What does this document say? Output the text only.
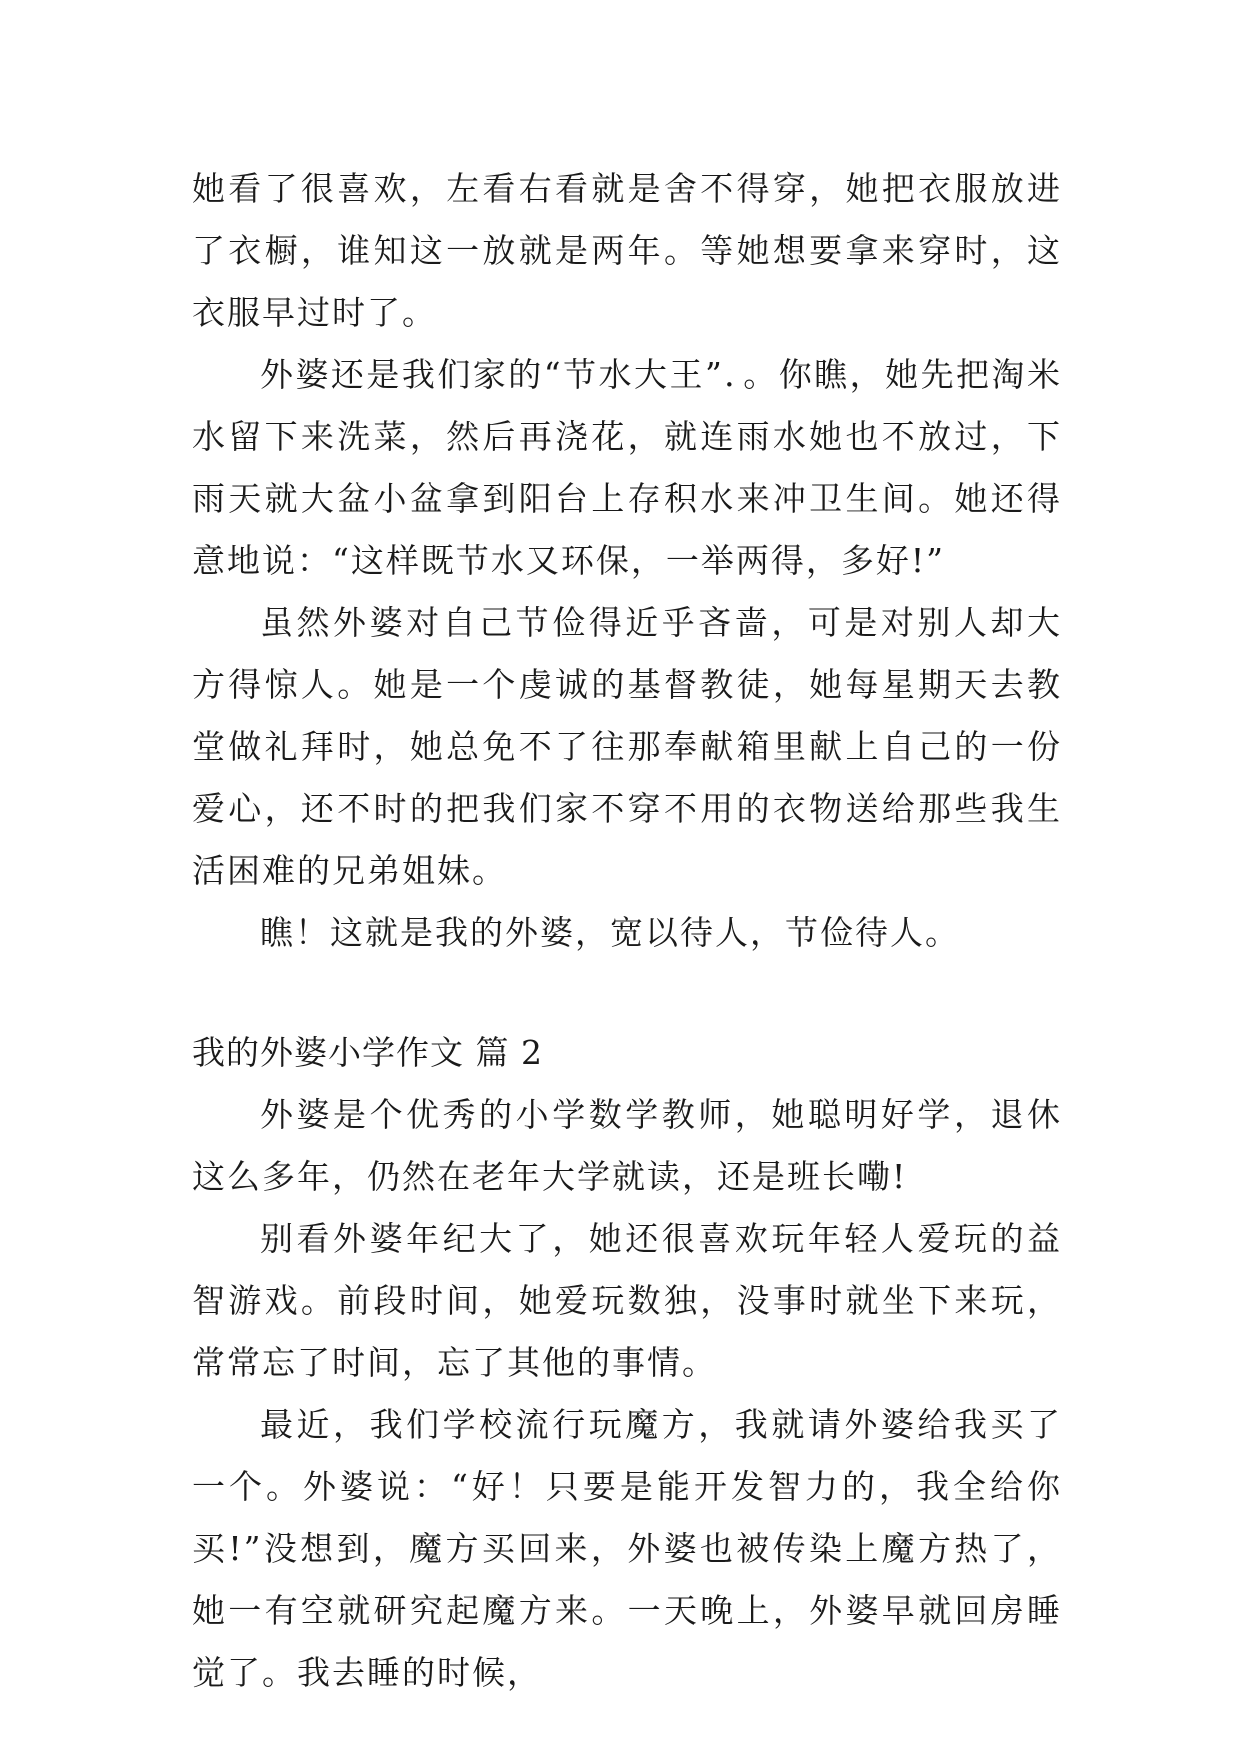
她看了很喜欢，左看右看就是舍不得穿，她把衣服放进了衣橱，谁知这一放就是两年。等她想要拿来穿时，这衣服早过时了。

外婆还是我们家的“节水大王”．。你瞧，她先把淘米水留下来洗菜，然后再浇花，就连雨水她也不放过，下雨天就大盆小盆拿到阳台上存积水来冲卫生间。她还得意地说：“这样既节水又环保，一举两得，多好!”

虽然外婆对自己节俭得近乎吝啬，可是对别人却大方得惊人。她是一个虔诚的基督教徒，她每星期天去教堂做礼拜时，她总免不了往那奉献箱里献上自己的一份爱心，还不时的把我们家不穿不用的衣物送给那些我生活困难的兄弟姐妹。

瞧！这就是我的外婆，宽以待人，节俭待人。

我的外婆小学作文 篇 2

外婆是个优秀的小学数学教师，她聪明好学，退休这么多年，仍然在老年大学就读，还是班长嘞!

别看外婆年纪大了，她还很喜欢玩年轻人爱玩的益智游戏。前段时间，她爱玩数独，没事时就坐下来玩，常常忘了时间，忘了其他的事情。

最近，我们学校流行玩魔方，我就请外婆给我买了一个。外婆说：“好！只要是能开发智力的，我全给你买!”没想到，魔方买回来，外婆也被传染上魔方热了，她一有空就研究起魔方来。一天晚上，外婆早就回房睡觉了。我去睡的时候，
